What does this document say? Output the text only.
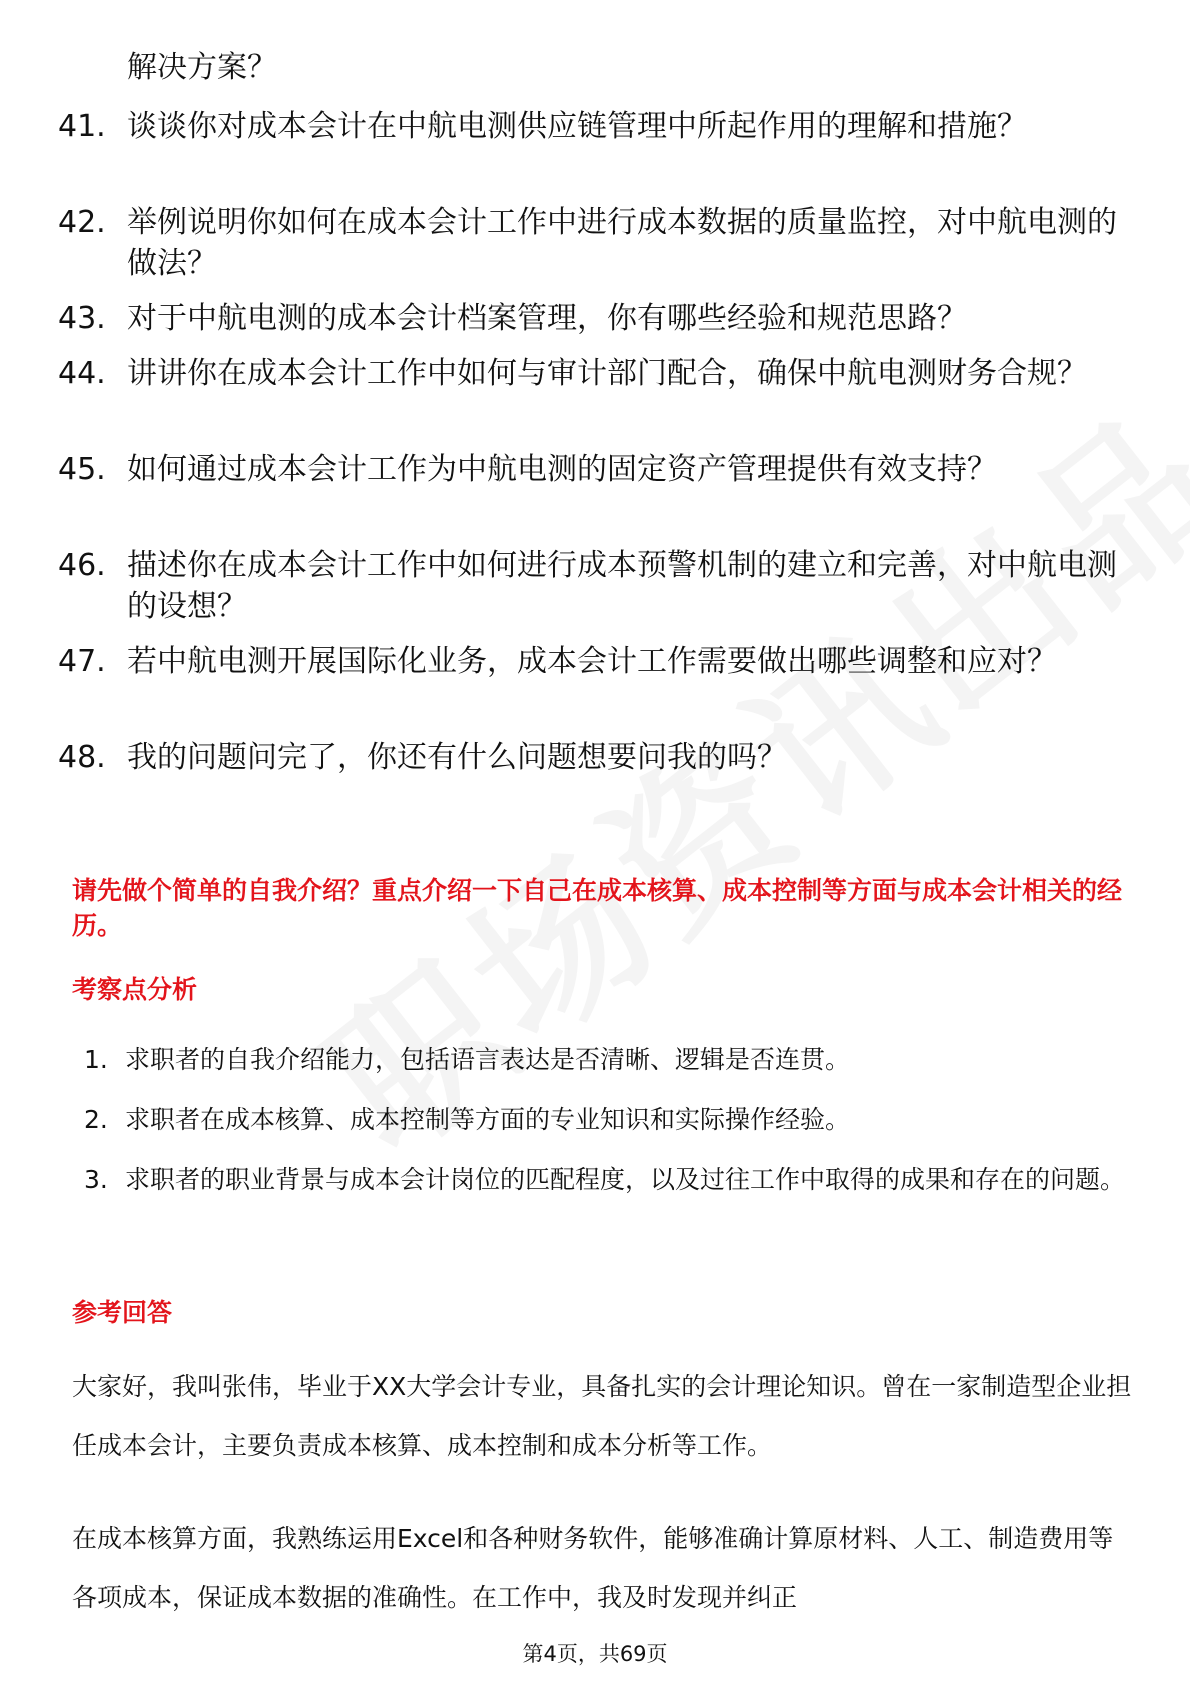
解决方案？
41. 谈谈你对成本会计在中航电测供应链管理中所起作用的理解和措施？
42. 举例说明你如何在成本会计工作中进行成本数据的质量监控，对中航电测的做法？
43. 对于中航电测的成本会计档案管理，你有哪些经验和规范思路？
44. 讲讲你在成本会计工作中如何与审计部门配合，确保中航电测财务合规？
45. 如何通过成本会计工作为中航电测的固定资产管理提供有效支持？
46. 描述你在成本会计工作中如何进行成本预警机制的建立和完善，对中航电测的设想？
47. 若中航电测开展国际化业务，成本会计工作需要做出哪些调整和应对？
48. 我的问题问完了，你还有什么问题想要问我的吗？
请先做个简单的自我介绍？重点介绍一下自己在成本核算、成本控制等方面与成本会计相关的经历。
考察点分析
1. 求职者的自我介绍能力，包括语言表达是否清晰、逻辑是否连贯。
2. 求职者在成本核算、成本控制等方面的专业知识和实际操作经验。
3. 求职者的职业背景与成本会计岗位的匹配程度，以及过往工作中取得的成果和存在的问题。
参考回答
大家好，我叫张伟，毕业于XX大学会计专业，具备扎实的会计理论知识。曾在一家制造型企业担任成本会计，主要负责成本核算、成本控制和成本分析等工作。
在成本核算方面，我熟练运用Excel和各种财务软件，能够准确计算原材料、人工、制造费用等各项成本，保证成本数据的准确性。在工作中，我及时发现并纠正
第4页，共69页
